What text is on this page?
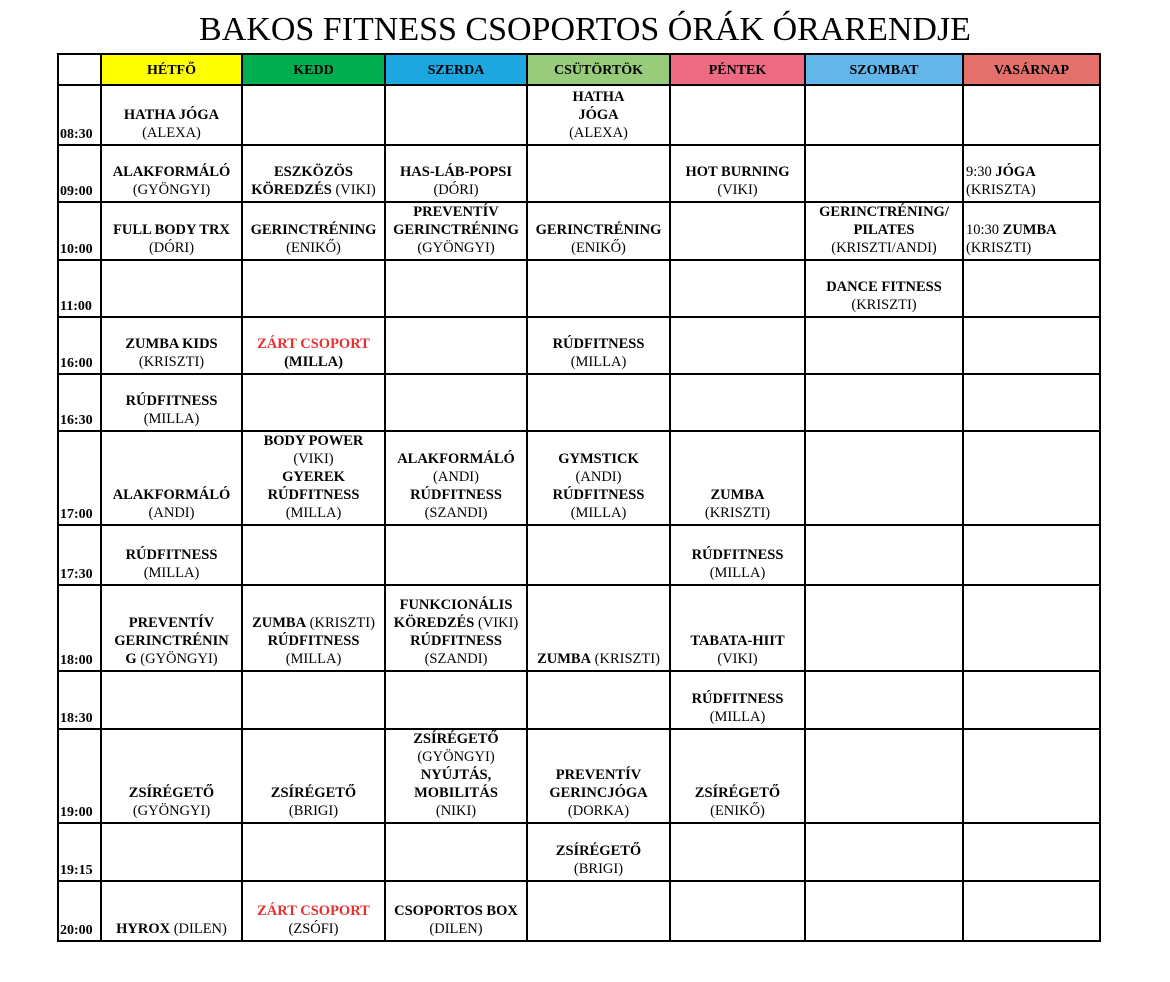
BAKOS FITNESS CSOPORTOS ÓRÁK ÓRARENDJE
	HÉTFŐ	KEDD	SZERDA	CSÜTÖRTÖK	PÉNTEK	SZOMBAT	VASÁRNAP
08:30	HATHA JÓGA
(ALEXA)			HATHA
JÓGA
(ALEXA)			

09:00	ALAKFORMÁLÓ
(GYÖNGYI)	ESZKÖZÖS
KÖREDZÉS (VIKI)	HAS-LÁB-POPSI
(DÓRI)		HOT BURNING
(VIKI)		9:30 JÓGA
(KRISZTA)

10:00	FULL BODY TRX
(DÓRI)	GERINCTRÉNING
(ENIKŐ)	PREVENTÍV
GERINCTRÉNING
(GYÖNGYI)	GERINCTRÉNING
(ENIKŐ)		GERINCTRÉNING/
PILATES
(KRISZTI/ANDI)	10:30 ZUMBA
(KRISZTI)

11:00						DANCE FITNESS
(KRISZTI)	

16:00	ZUMBA KIDS
(KRISZTI)	ZÁRT CSOPORT
(MILLA)		RÚDFITNESS
(MILLA)			

16:30	RÚDFITNESS
(MILLA)						

17:00	ALAKFORMÁLÓ
(ANDI)	BODY POWER
(VIKI)
GYEREK
RÚDFITNESS
(MILLA)	ALAKFORMÁLÓ
(ANDI)
RÚDFITNESS
(SZANDI)	GYMSTICK
(ANDI)
RÚDFITNESS
(MILLA)	ZUMBA
(KRISZTI)		

17:30	RÚDFITNESS
(MILLA)				RÚDFITNESS
(MILLA)		

18:00	PREVENTÍV
GERINCTRÉNIN
G (GYÖNGYI)	ZUMBA (KRISZTI)
RÚDFITNESS
(MILLA)	FUNKCIONÁLIS
KÖREDZÉS (VIKI)
RÚDFITNESS
(SZANDI)	ZUMBA (KRISZTI)	TABATA-HIIT
(VIKI)		

18:30					RÚDFITNESS
(MILLA)		

19:00	ZSÍRÉGETŐ
(GYÖNGYI)	ZSÍRÉGETŐ
(BRIGI)	ZSÍRÉGETŐ
(GYÖNGYI)
NYÚJTÁS,
MOBILITÁS
(NIKI)	PREVENTÍV
GERINCJÓGA
(DORKA)	ZSÍRÉGETŐ
(ENIKŐ)		

19:15				ZSÍRÉGETŐ
(BRIGI)			

20:00	HYROX (DILEN)	ZÁRT CSOPORT
(ZSÓFI)	CSOPORTOS BOX
(DILEN)				
